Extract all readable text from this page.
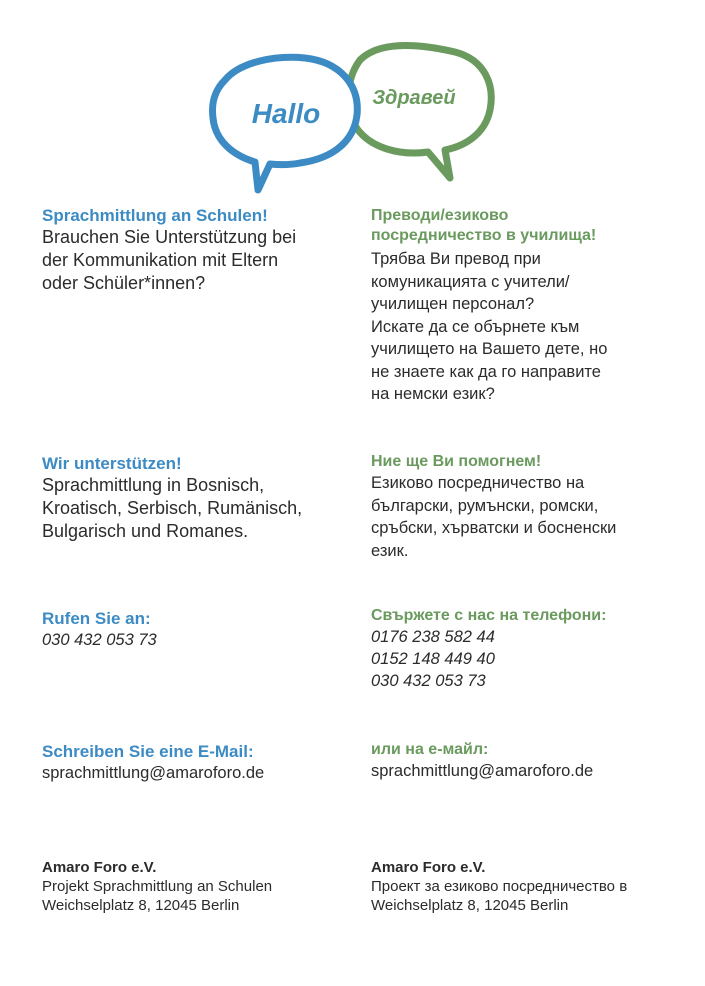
Hallo	Здравей
Sprachmittlung an Schulen!
Brauchen Sie Unterstützung bei
der Kommunikation mit Eltern
oder Schüler*innen?
Wir unterstützen!
Sprachmittlung in Bosnisch,
Kroatisch, Serbisch, Rumänisch,
Bulgarisch und Romanes.
Rufen Sie an:
030 432 053 73
Schreiben Sie eine E-Mail:
sprachmittlung@amaroforo.de
Amaro Foro e.V.
Projekt Sprachmittlung an Schulen
Weichselplatz 8, 12045 Berlin
Преводи/езиково
посредничество в училища!
Трябва Ви превод при
комуникацията с учители/
училищен персонал?
Искате да се обърнете към
училището на Вашето дете, но
не знаете как да го направите
на немски език?
Ние ще Ви помогнем!
Езиково посредничество на
български, румънски, ромски,
сръбски, хърватски и босненски
език.
Свържете с нас на телефони:
0176 238 582 44
0152 148 449 40
030 432 053 73
или на е-майл:
sprachmittlung@amaroforo.de
Amaro Foro e.V.
Проект за езиково посредничество в
Weichselplatz 8, 12045 Berlin
